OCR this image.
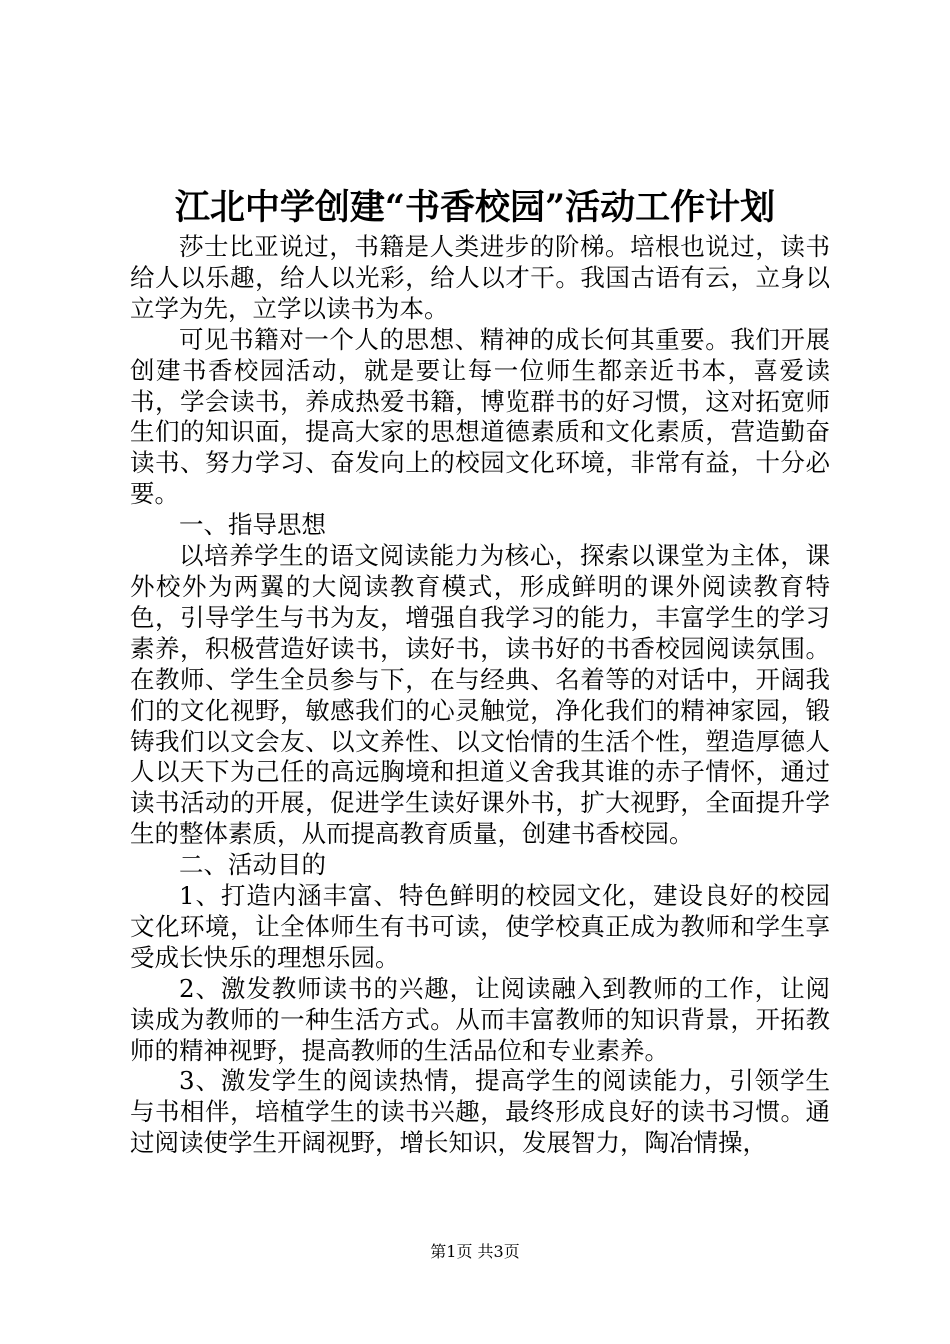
江北中学创建“书香校园”活动工作计划

莎士比亚说过，书籍是人类进步的阶梯。培根也说过，读书给人以乐趣，给人以光彩，给人以才干。我国古语有云，立身以立学为先，立学以读书为本。

可见书籍对一个人的思想、精神的成长何其重要。我们开展创建书香校园活动，就是要让每一位师生都亲近书本，喜爱读书，学会读书，养成热爱书籍，博览群书的好习惯，这对拓宽师生们的知识面，提高大家的思想道德素质和文化素质，营造勤奋读书、努力学习、奋发向上的校园文化环境，非常有益，十分必要。

一、指导思想

以培养学生的语文阅读能力为核心，探索以课堂为主体，课外校外为两翼的大阅读教育模式，形成鲜明的课外阅读教育特色，引导学生与书为友，增强自我学习的能力，丰富学生的学习素养，积极营造好读书，读好书，读书好的书香校园阅读氛围。在教师、学生全员参与下，在与经典、名着等的对话中，开阔我们的文化视野，敏感我们的心灵触觉，净化我们的精神家园，锻铸我们以文会友、以文养性、以文怡情的生活个性，塑造厚德人人以天下为己任的高远胸境和担道义舍我其谁的赤子情怀，通过读书活动的开展，促进学生读好课外书，扩大视野，全面提升学生的整体素质，从而提高教育质量，创建书香校园。

二、活动目的

1、打造内涵丰富、特色鲜明的校园文化，建设良好的校园文化环境，让全体师生有书可读，使学校真正成为教师和学生享受成长快乐的理想乐园。

2、激发教师读书的兴趣，让阅读融入到教师的工作，让阅读成为教师的一种生活方式。从而丰富教师的知识背景，开拓教师的精神视野，提高教师的生活品位和专业素养。

3、激发学生的阅读热情，提高学生的阅读能力，引领学生与书相伴，培植学生的读书兴趣，最终形成良好的读书习惯。通过阅读使学生开阔视野，增长知识，发展智力，陶冶情操，

第1页 共3页
